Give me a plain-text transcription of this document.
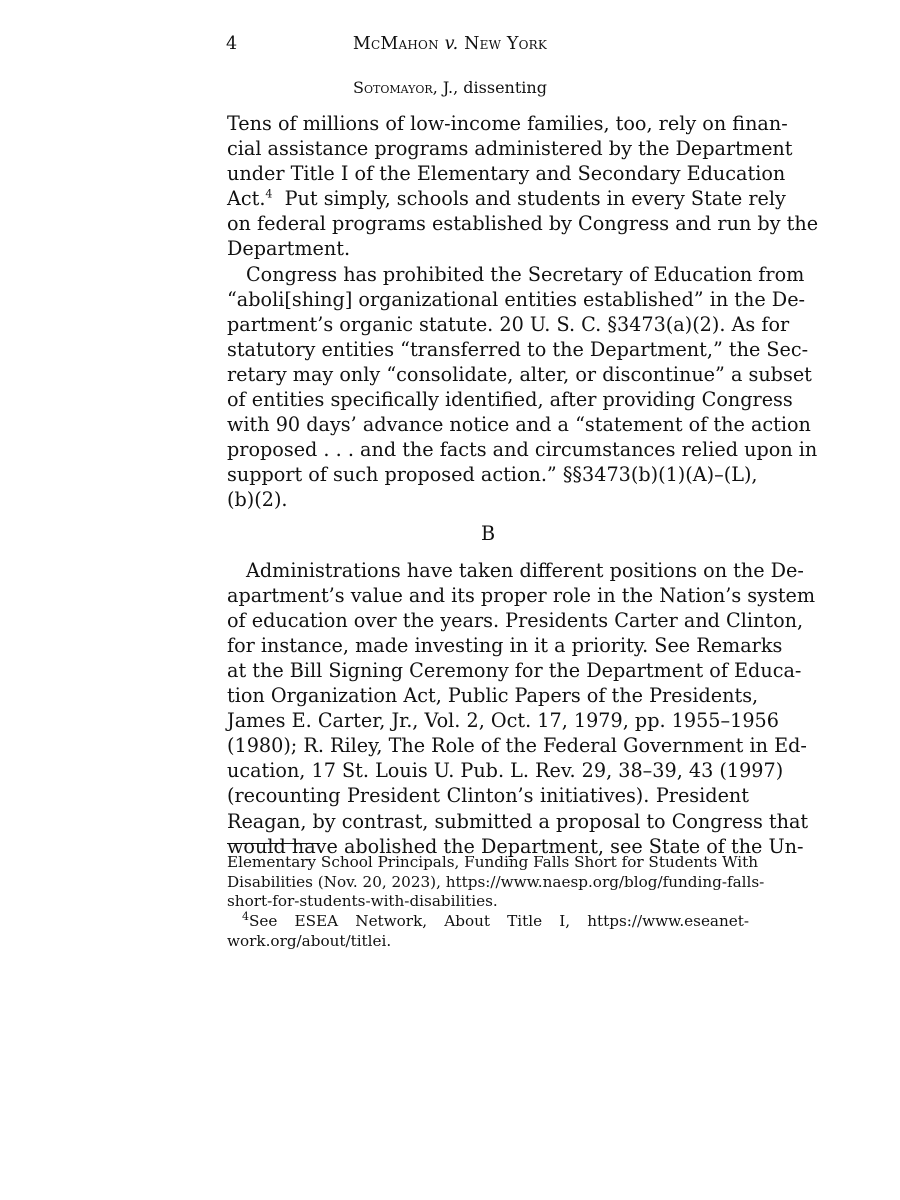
4	McMahon v. New York
Sotomayor, J., dissenting
Tens of millions of low-income families, too, rely on finan-
cial assistance programs administered by the Department
under Title I of the Elementary and Secondary Education
Act.$^4$ Put simply, schools and students in every State rely
on federal programs established by Congress and run by the
Department.
Congress has prohibited the Secretary of Education from
“aboli[shing] organizational entities established” in the De-
partment’s organic statute. 20 U. S. C. §3473(a)(2). As for
statutory entities “transferred to the Department,” the Sec-
retary may only “consolidate, alter, or discontinue” a subset
of entities specifically identified, after providing Congress
with 90 days’ advance notice and a “statement of the action
proposed . . . and the facts and circumstances relied upon in
support of such proposed action.” §§3473(b)(1)(A)–(L),
(b)(2).
B
Administrations have taken different positions on the De-
apartment’s value and its proper role in the Nation’s system
of education over the years. Presidents Carter and Clinton,
for instance, made investing in it a priority. See Remarks
at the Bill Signing Ceremony for the Department of Educa-
tion Organization Act, Public Papers of the Presidents,
James E. Carter, Jr., Vol. 2, Oct. 17, 1979, pp. 1955–1956
(1980); R. Riley, The Role of the Federal Government in Ed-
ucation, 17 St. Louis U. Pub. L. Rev. 29, 38–39, 43 (1997)
(recounting President Clinton’s initiatives). President
Reagan, by contrast, submitted a proposal to Congress that
would have abolished the Department, see State of the Un-
Elementary School Principals, Funding Falls Short for Students With
Disabilities (Nov. 20, 2023), https://www.naesp.org/blog/funding-falls-
short-for-students-with-disabilities.
$^4$See ESEA Network, About Title I, https://www.eseanet-
work.org/about/titlei.
